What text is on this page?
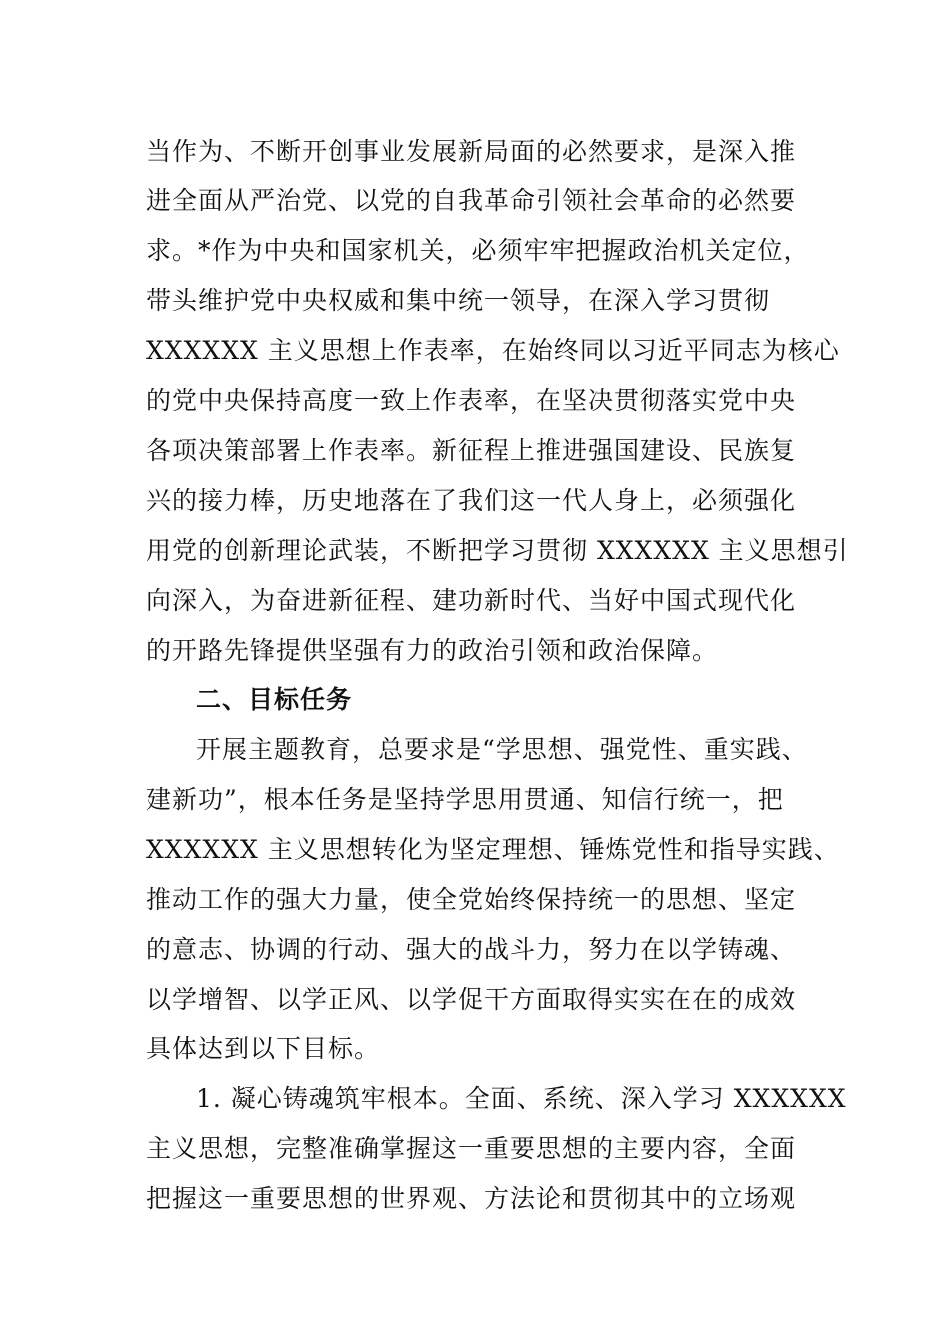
当作为、不断开创事业发展新局面的必然要求，是深入推
进全面从严治党、以党的自我革命引领社会革命的必然要
求。*作为中央和国家机关，必须牢牢把握政治机关定位，
带头维护党中央权威和集中统一领导，在深入学习贯彻
XXXXXX 主义思想上作表率，在始终同以习近平同志为核心
的党中央保持高度一致上作表率，在坚决贯彻落实党中央
各项决策部署上作表率。新征程上推进强国建设、民族复
兴的接力棒，历史地落在了我们这一代人身上，必须强化
用党的创新理论武装，不断把学习贯彻 XXXXXX 主义思想引
向深入，为奋进新征程、建功新时代、当好中国式现代化
的开路先锋提供坚强有力的政治引领和政治保障。
二、目标任务
开展主题教育，总要求是“学思想、强党性、重实践、
建新功”，根本任务是坚持学思用贯通、知信行统一，把
XXXXXX 主义思想转化为坚定理想、锤炼党性和指导实践、
推动工作的强大力量，使全党始终保持统一的思想、坚定
的意志、协调的行动、强大的战斗力，努力在以学铸魂、
以学增智、以学正风、以学促干方面取得实实在在的成效
具体达到以下目标。
1. 凝心铸魂筑牢根本。全面、系统、深入学习 XXXXXX
主义思想，完整准确掌握这一重要思想的主要内容，全面
把握这一重要思想的世界观、方法论和贯彻其中的立场观
